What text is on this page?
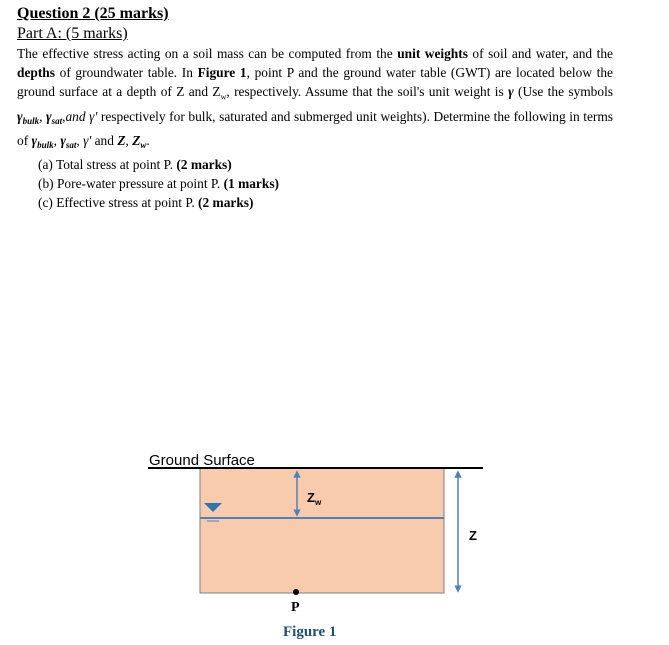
Question 2 (25 marks)

Part A: (5 marks)

The effective stress acting on a soil mass can be computed from the unit weights of soil and water, and the depths of groundwater table. In Figure 1, point P and the ground water table (GWT) are located below the ground surface at a depth of Z and $Z_w$, respectively. Assume that the soil's unit weight is γ (Use the symbols $\gamma_{bulk}$, $\gamma_{sat},and$ γ' respectively for bulk, saturated and submerged unit weights). Determine the following in terms of $\gamma_{bulk}$, $\gamma_{sat}$, γ' and Z, $Z_w$.

(a) Total stress at point P. (2 marks)
(b) Pore-water pressure at point P. (1 marks)
(c) Effective stress at point P. (2 marks)
Ground Surface
$Z_w$
Z
P
Figure 1
